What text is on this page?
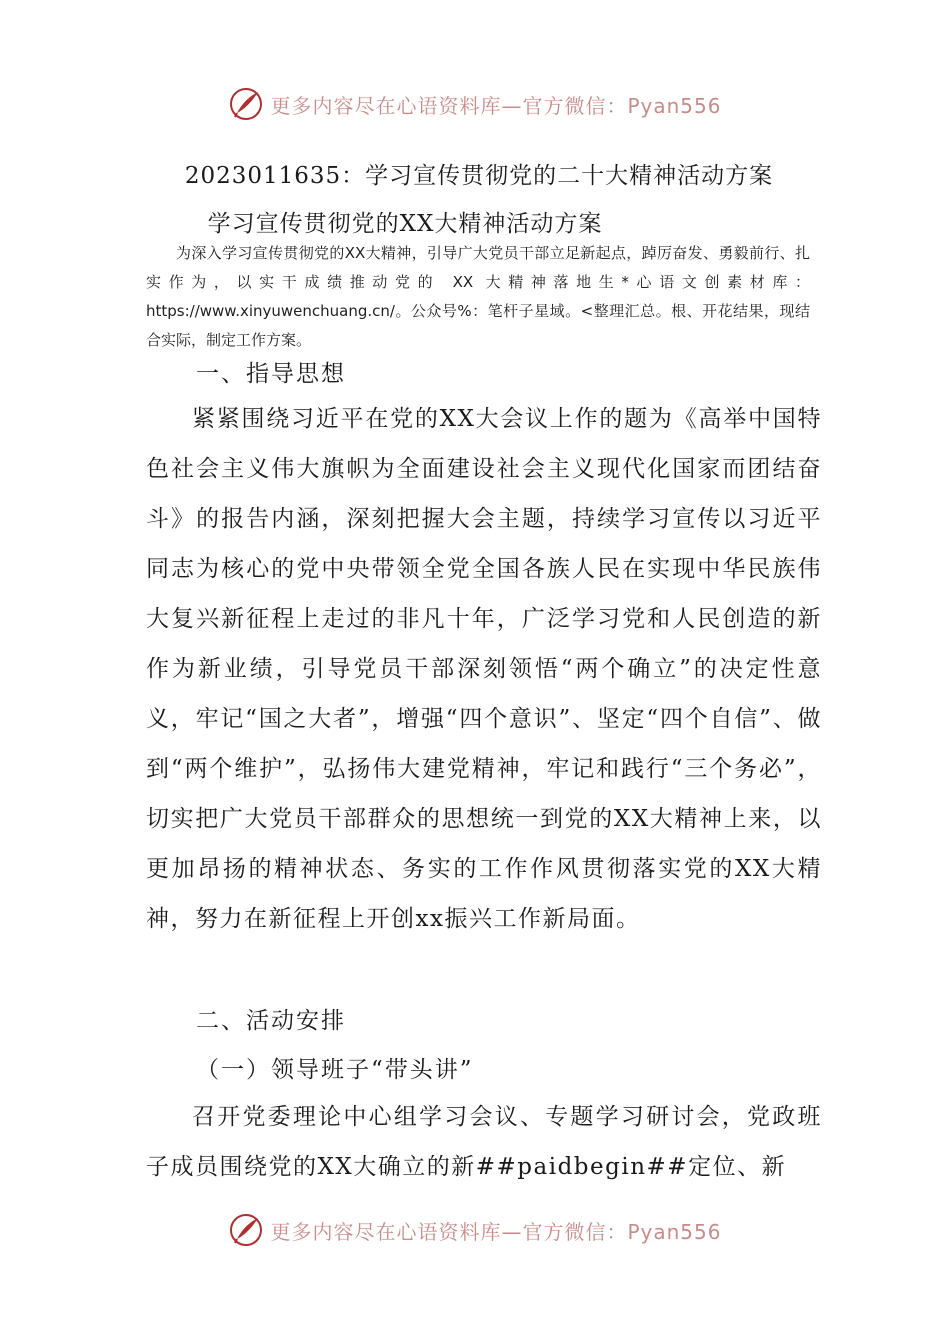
更多内容尽在心语资料库—官方微信：Pyan556
2023011635：学习宣传贯彻党的二十大精神活动方案
学习宣传贯彻党的XX大精神活动方案

为深入学习宣传贯彻党的XX大精神，引导广大党员干部立足新起点，踔厉奋发、勇毅前行、扎实作为，以实干成绩推动党的 XX 大精神落地生*心语文创素材库：https://www.xinyuwenchuang.cn/。公众号%：笔杆子星域。<整理汇总。根、开花结果，现结合实际，制定工作方案。

一、指导思想

紧紧围绕习近平在党的XX大会议上作的题为《高举中国特色社会主义伟大旗帜为全面建设社会主义现代化国家而团结奋斗》的报告内涵，深刻把握大会主题，持续学习宣传以习近平同志为核心的党中央带领全党全国各族人民在实现中华民族伟大复兴新征程上走过的非凡十年，广泛学习党和人民创造的新作为新业绩，引导党员干部深刻领悟“两个确立”的决定性意义，牢记“国之大者”，增强“四个意识”、坚定“四个自信”、做到“两个维护”，弘扬伟大建党精神，牢记和践行“三个务必”，切实把广大党员干部群众的思想统一到党的XX大精神上来，以更加昂扬的精神状态、务实的工作作风贯彻落实党的XX大精神，努力在新征程上开创xx振兴工作新局面。

二、活动安排
（一）领导班子“带头讲”

召开党委理论中心组学习会议、专题学习研讨会，党政班子成员围绕党的XX大确立的新##paidbegin##定位、新

更多内容尽在心语资料库—官方微信：Pyan556
